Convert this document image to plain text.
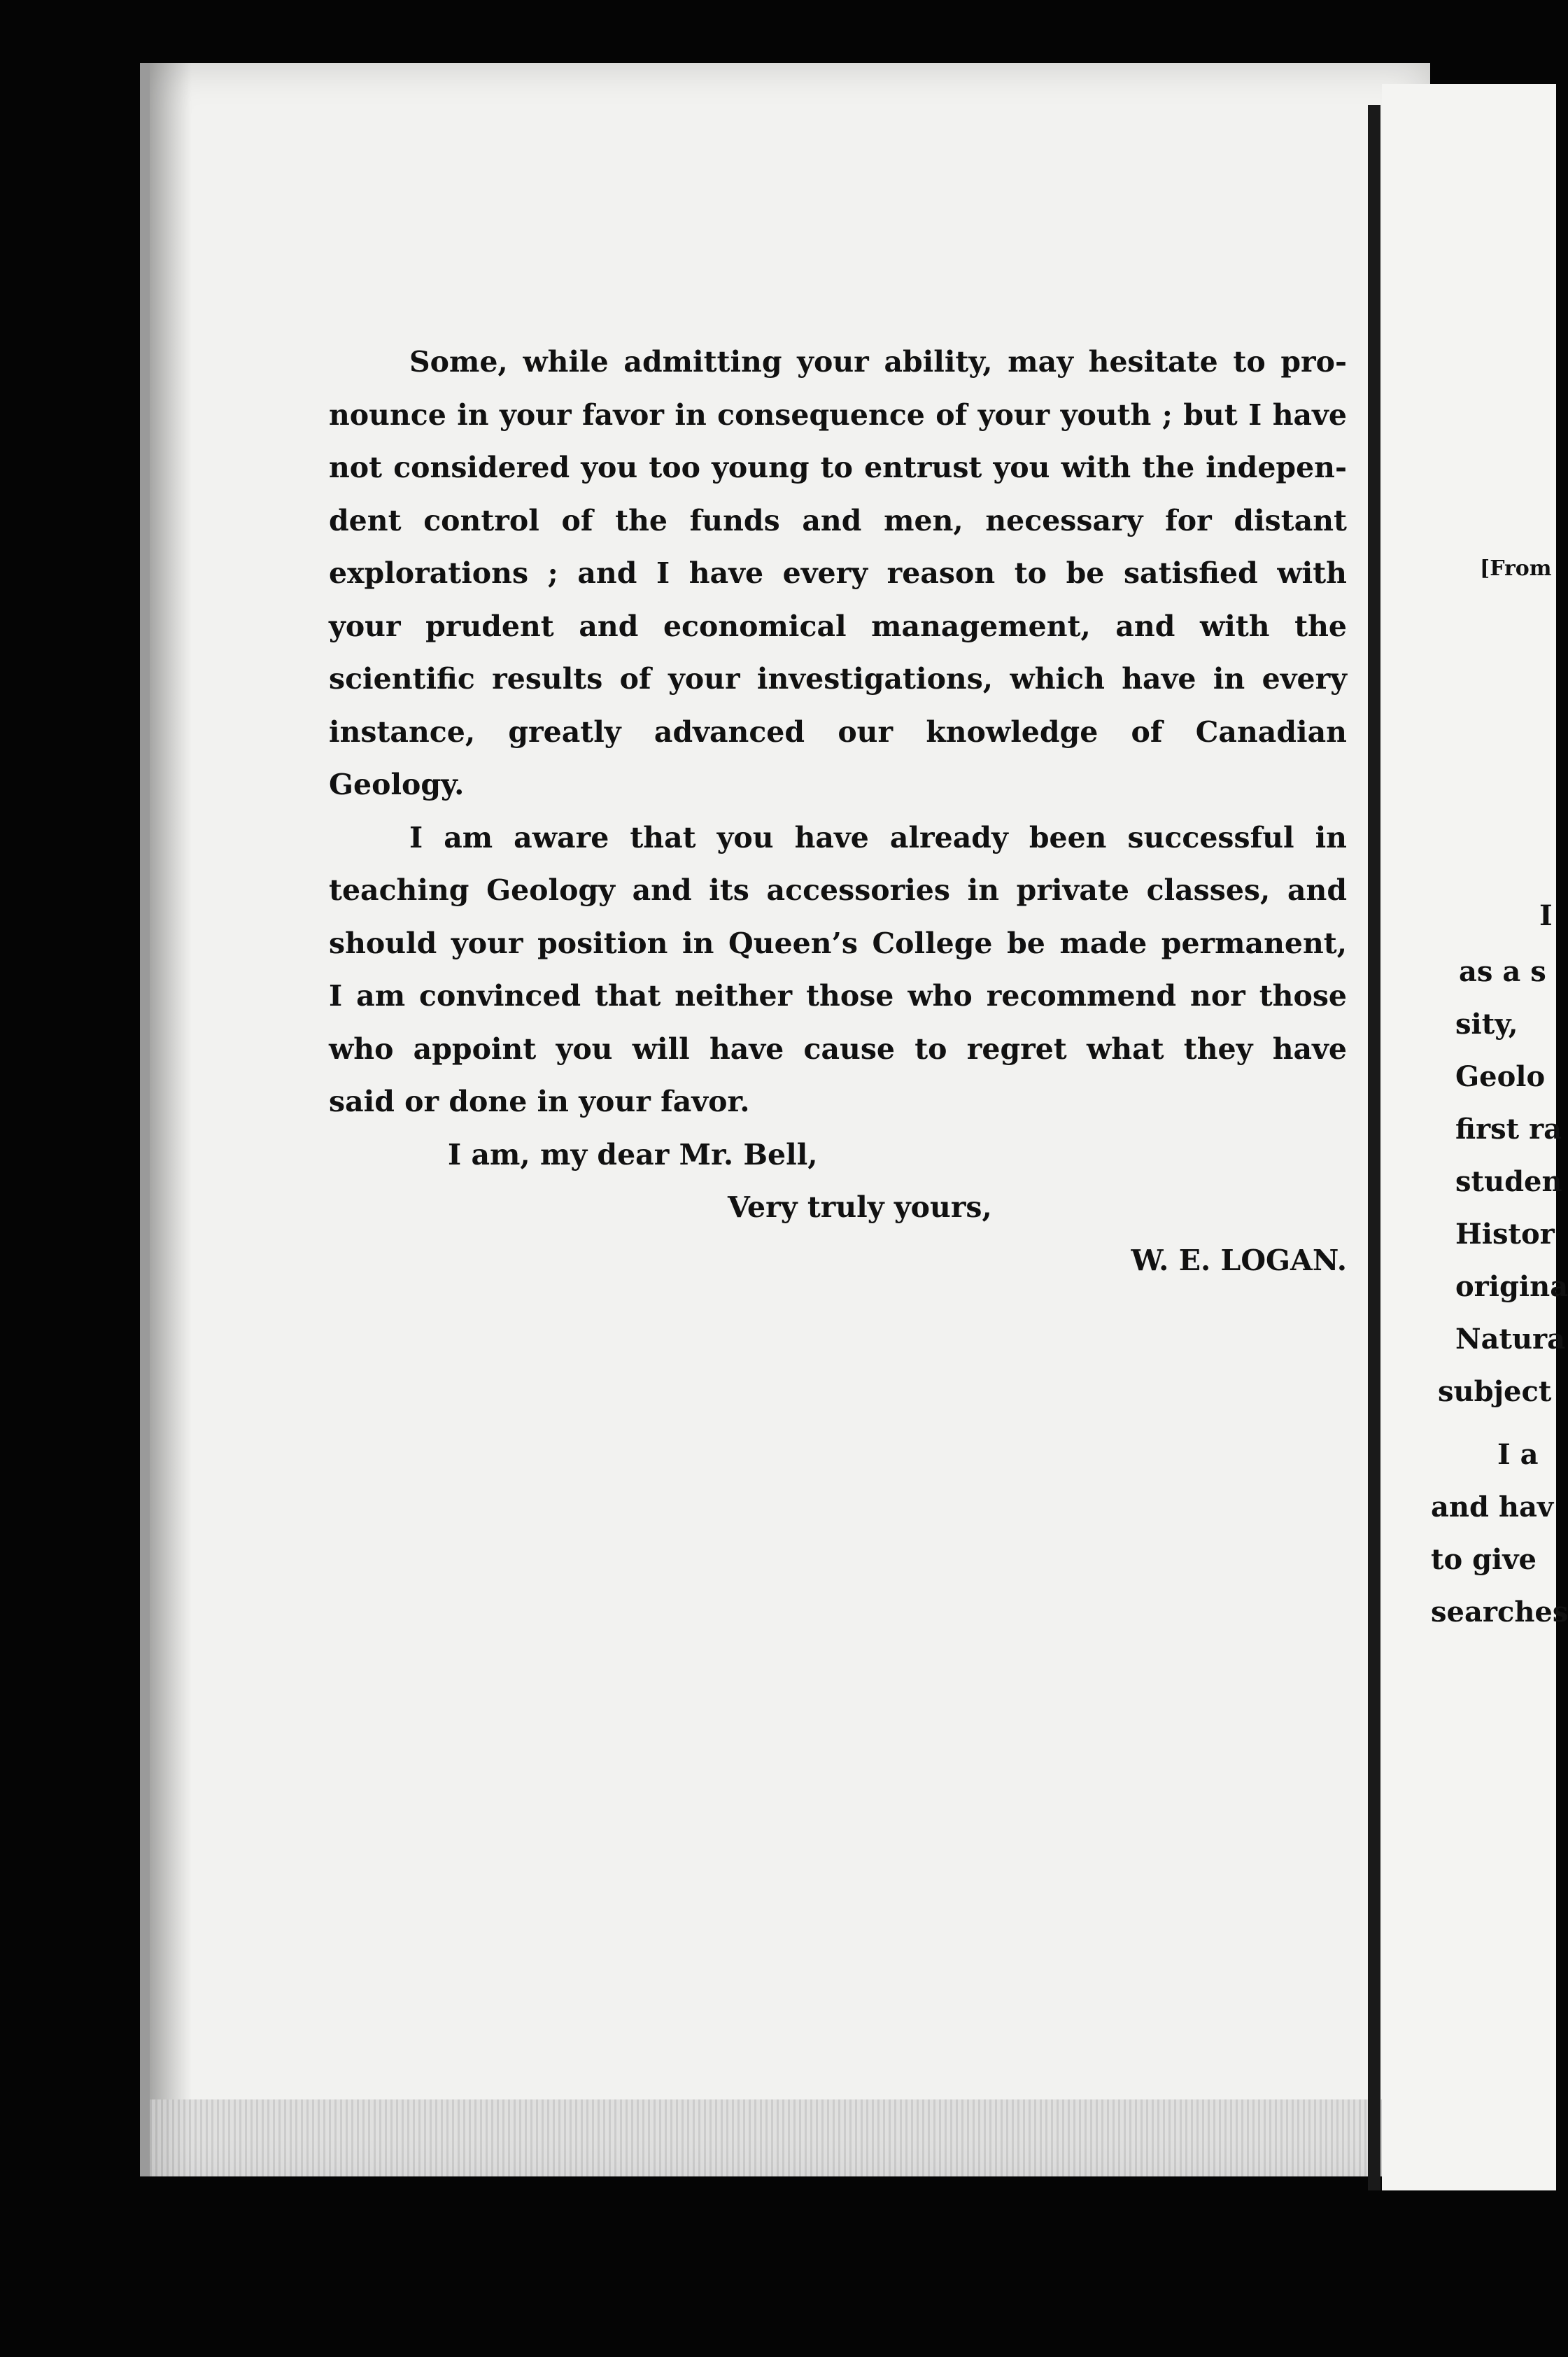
[From
I
as a s
sity,
Geolo
first ra
studen
Histor
origina
Natura
subject
I a
and hav
to give
searches

Some, while admitting your ability, may hesitate to pro-
nounce in your favor in consequence of your youth ; but I have
not considered you too young to entrust you with the indepen-
dent control of the funds and men, necessary for distant
explorations ; and I have every reason to be satisfied with
your prudent and economical management, and with the
scientific results of your investigations, which have in every
instance, greatly advanced our knowledge of Canadian Geology.

I am aware that you have already been successful in
teaching Geology and its accessories in private classes, and
should your position in Queen’s College be made permanent,
I am convinced that neither those who recommend nor those
who appoint you will have cause to regret what they have
said or done in your favor.

I am, my dear Mr. Bell,
Very truly yours,
W. E. LOGAN.
